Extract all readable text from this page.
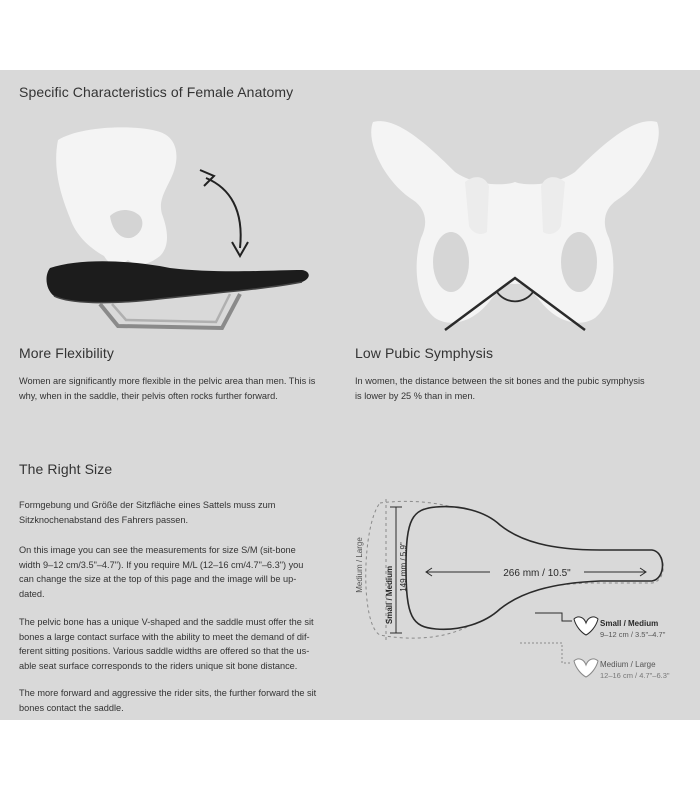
Specific Characteristics of Female Anatomy
More Flexibility
Women are significantly more flexible in the pelvic area than men. This is
why, when in the saddle, their pelvis often rocks further forward.
Low Pubic Symphysis
In women, the distance between the sit bones and the pubic symphysis
is lower by 25 % than in men.
The Right Size
Formgebung und Größe der Sitzfläche eines Sattels muss zum
Sitzknochenabstand des Fahrers passen.
On this image you can see the measurements for size S/M (sit-bone
width 9–12 cm/3.5"–4.7"). If you require M/L (12–16 cm/4.7"–6.3") you
can change the size at the top of this page and the image will be up-
dated.
The pelvic bone has a unique V-shaped and the saddle must offer the sit
bones a large contact surface with the ability to meet the demand of dif-
ferent sitting positions. Various saddle widths are offered so that the us-
able seat surface corresponds to the riders unique sit bone distance.
The more forward and aggressive the rider sits, the further forward the sit
bones contact the saddle.
266 mm / 10.5"
149 mm / 5.9"
Small / Medium
Medium / Large
Small / Medium
9–12 cm / 3.5"–4.7"
Medium / Large
12–16 cm / 4.7"–6.3"
